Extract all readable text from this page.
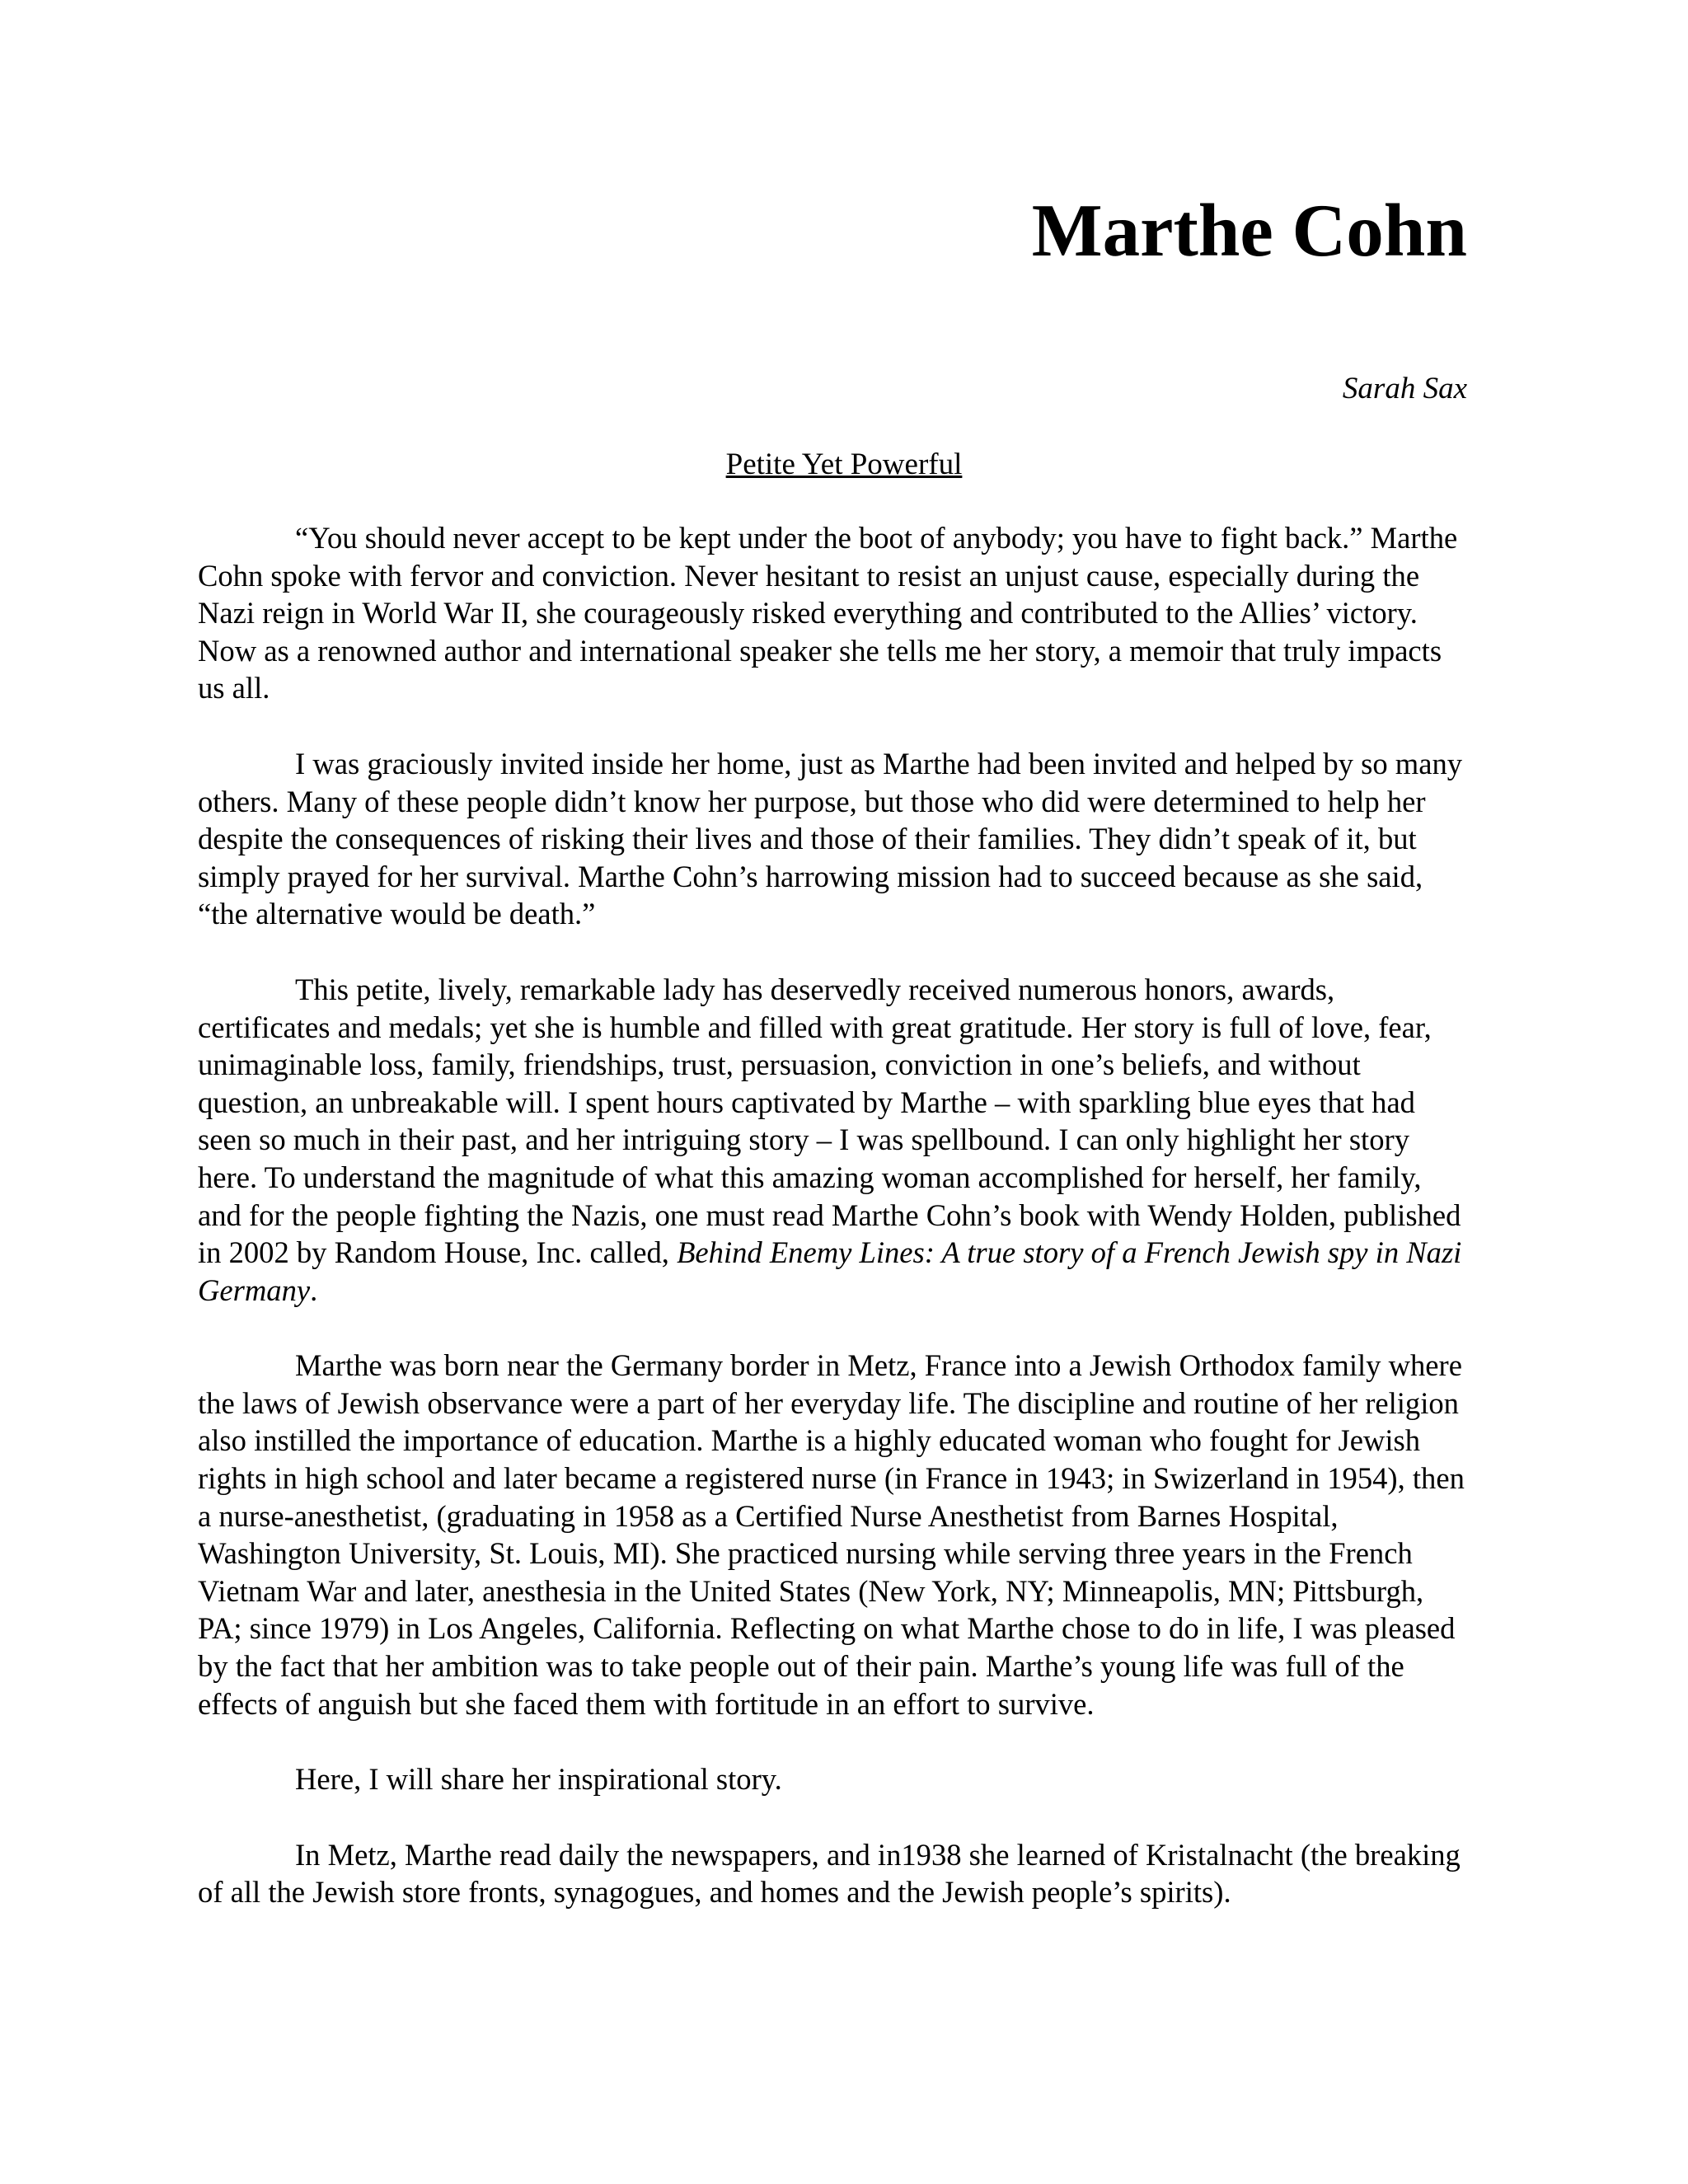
Marthe Cohn

Sarah Sax

Petite Yet Powerful

“You should never accept to be kept under the boot of anybody; you have to fight back.” Marthe Cohn spoke with fervor and conviction. Never hesitant to resist an unjust cause, especially during the Nazi reign in World War II, she courageously risked everything and contributed to the Allies’ victory. Now as a renowned author and international speaker she tells me her story, a memoir that truly impacts us all.

I was graciously invited inside her home, just as Marthe had been invited and helped by so many others. Many of these people didn’t know her purpose, but those who did were determined to help her despite the consequences of risking their lives and those of their families. They didn’t speak of it, but simply prayed for her survival. Marthe Cohn’s harrowing mission had to succeed because as she said, “the alternative would be death.”

This petite, lively, remarkable lady has deservedly received numerous honors, awards, certificates and medals; yet she is humble and filled with great gratitude. Her story is full of love, fear, unimaginable loss, family, friendships, trust, persuasion, conviction in one’s beliefs, and without question, an unbreakable will. I spent hours captivated by Marthe – with sparkling blue eyes that had seen so much in their past, and her intriguing story – I was spellbound. I can only highlight her story here. To understand the magnitude of what this amazing woman accomplished for herself, her family, and for the people fighting the Nazis, one must read Marthe Cohn’s book with Wendy Holden, published in 2002 by Random House, Inc. called, Behind Enemy Lines: A true story of a French Jewish spy in Nazi Germany.

Marthe was born near the Germany border in Metz, France into a Jewish Orthodox family where the laws of Jewish observance were a part of her everyday life. The discipline and routine of her religion also instilled the importance of education. Marthe is a highly educated woman who fought for Jewish rights in high school and later became a registered nurse (in France in 1943; in Swizerland in 1954), then a nurse-anesthetist, (graduating in 1958 as a Certified Nurse Anesthetist from Barnes Hospital, Washington University, St. Louis, MI). She practiced nursing while serving three years in the French Vietnam War and later, anesthesia in the United States (New York, NY; Minneapolis, MN; Pittsburgh, PA; since 1979) in Los Angeles, California. Reflecting on what Marthe chose to do in life, I was pleased by the fact that her ambition was to take people out of their pain. Marthe’s young life was full of the effects of anguish but she faced them with fortitude in an effort to survive.

Here, I will share her inspirational story.

In Metz, Marthe read daily the newspapers, and in1938 she learned of Kristalnacht (the breaking of all the Jewish store fronts, synagogues, and homes and the Jewish people’s spirits).
